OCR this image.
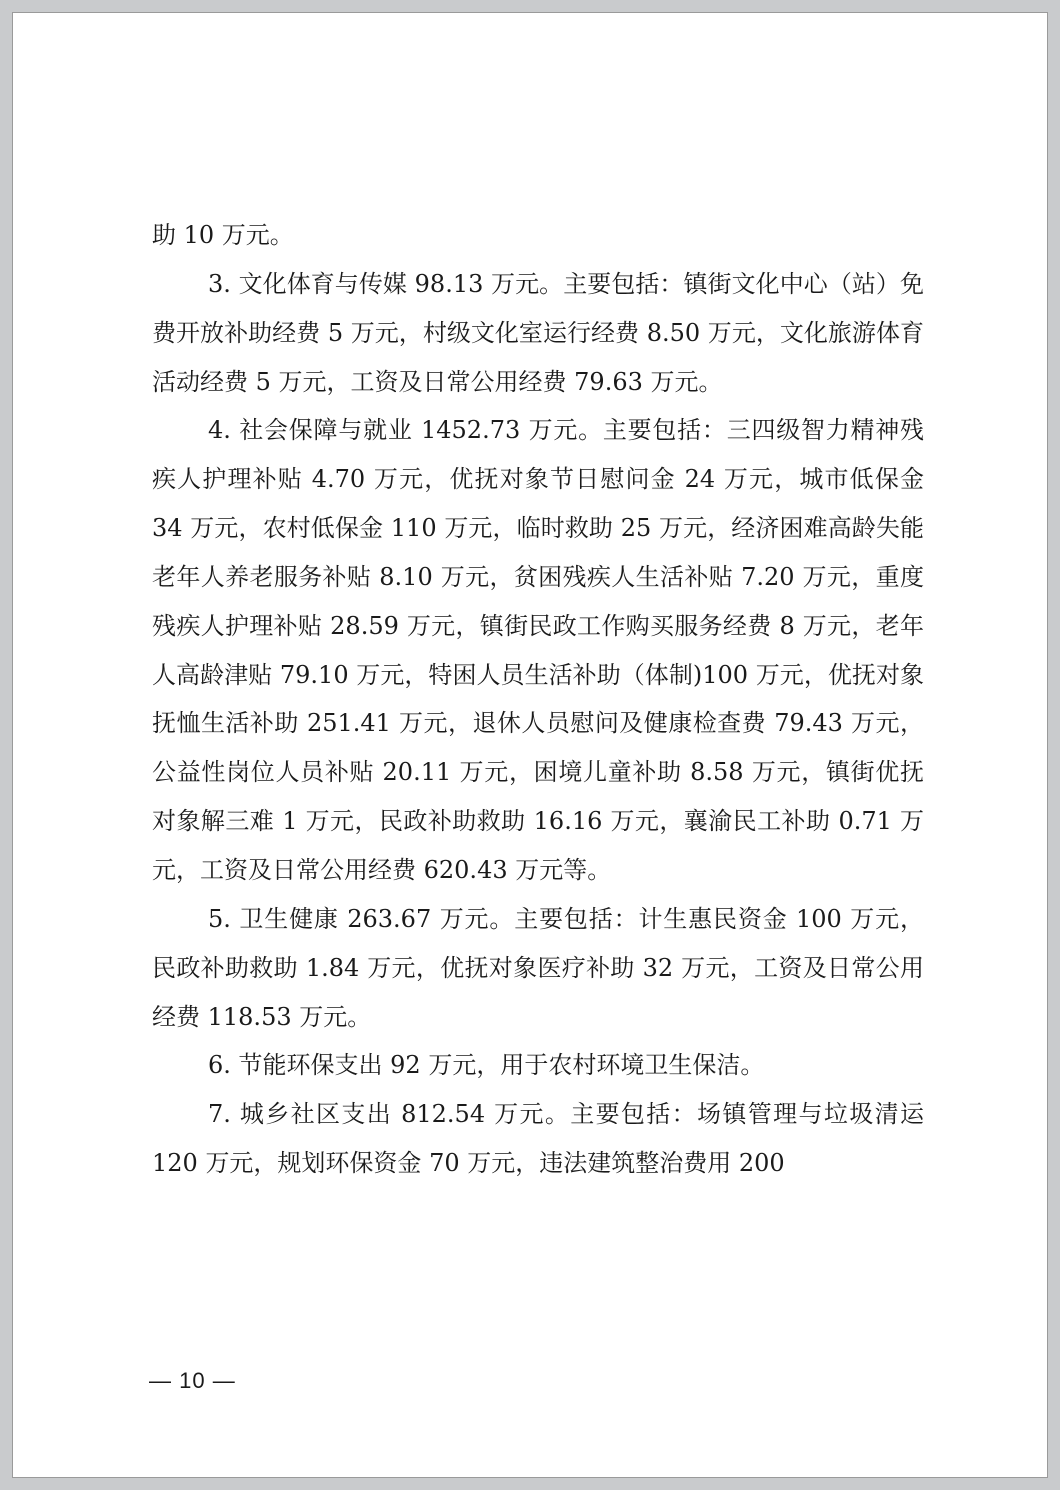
助 10 万元。

3. 文化体育与传媒 98.13 万元。主要包括：镇街文化中心（站）免费开放补助经费 5 万元，村级文化室运行经费 8.50 万元，文化旅游体育活动经费 5 万元，工资及日常公用经费 79.63 万元。

4. 社会保障与就业 1452.73 万元。主要包括：三四级智力精神残疾人护理补贴 4.70 万元，优抚对象节日慰问金 24 万元，城市低保金 34 万元，农村低保金 110 万元，临时救助 25 万元，经济困难高龄失能老年人养老服务补贴 8.10 万元，贫困残疾人生活补贴 7.20 万元，重度残疾人护理补贴 28.59 万元，镇街民政工作购买服务经费 8 万元，老年人高龄津贴 79.10 万元，特困人员生活补助（体制)100 万元，优抚对象抚恤生活补助 251.41 万元，退休人员慰问及健康检查费 79.43 万元，公益性岗位人员补贴 20.11 万元，困境儿童补助 8.58 万元，镇街优抚对象解三难 1 万元，民政补助救助 16.16 万元，襄渝民工补助 0.71 万元，工资及日常公用经费 620.43 万元等。

5. 卫生健康 263.67 万元。主要包括：计生惠民资金 100 万元，民政补助救助 1.84 万元，优抚对象医疗补助 32 万元，工资及日常公用经费 118.53 万元。

6. 节能环保支出 92 万元，用于农村环境卫生保洁。

7. 城乡社区支出 812.54 万元。主要包括：场镇管理与垃圾清运 120 万元，规划环保资金 70 万元，违法建筑整治费用 200

— 10 —
